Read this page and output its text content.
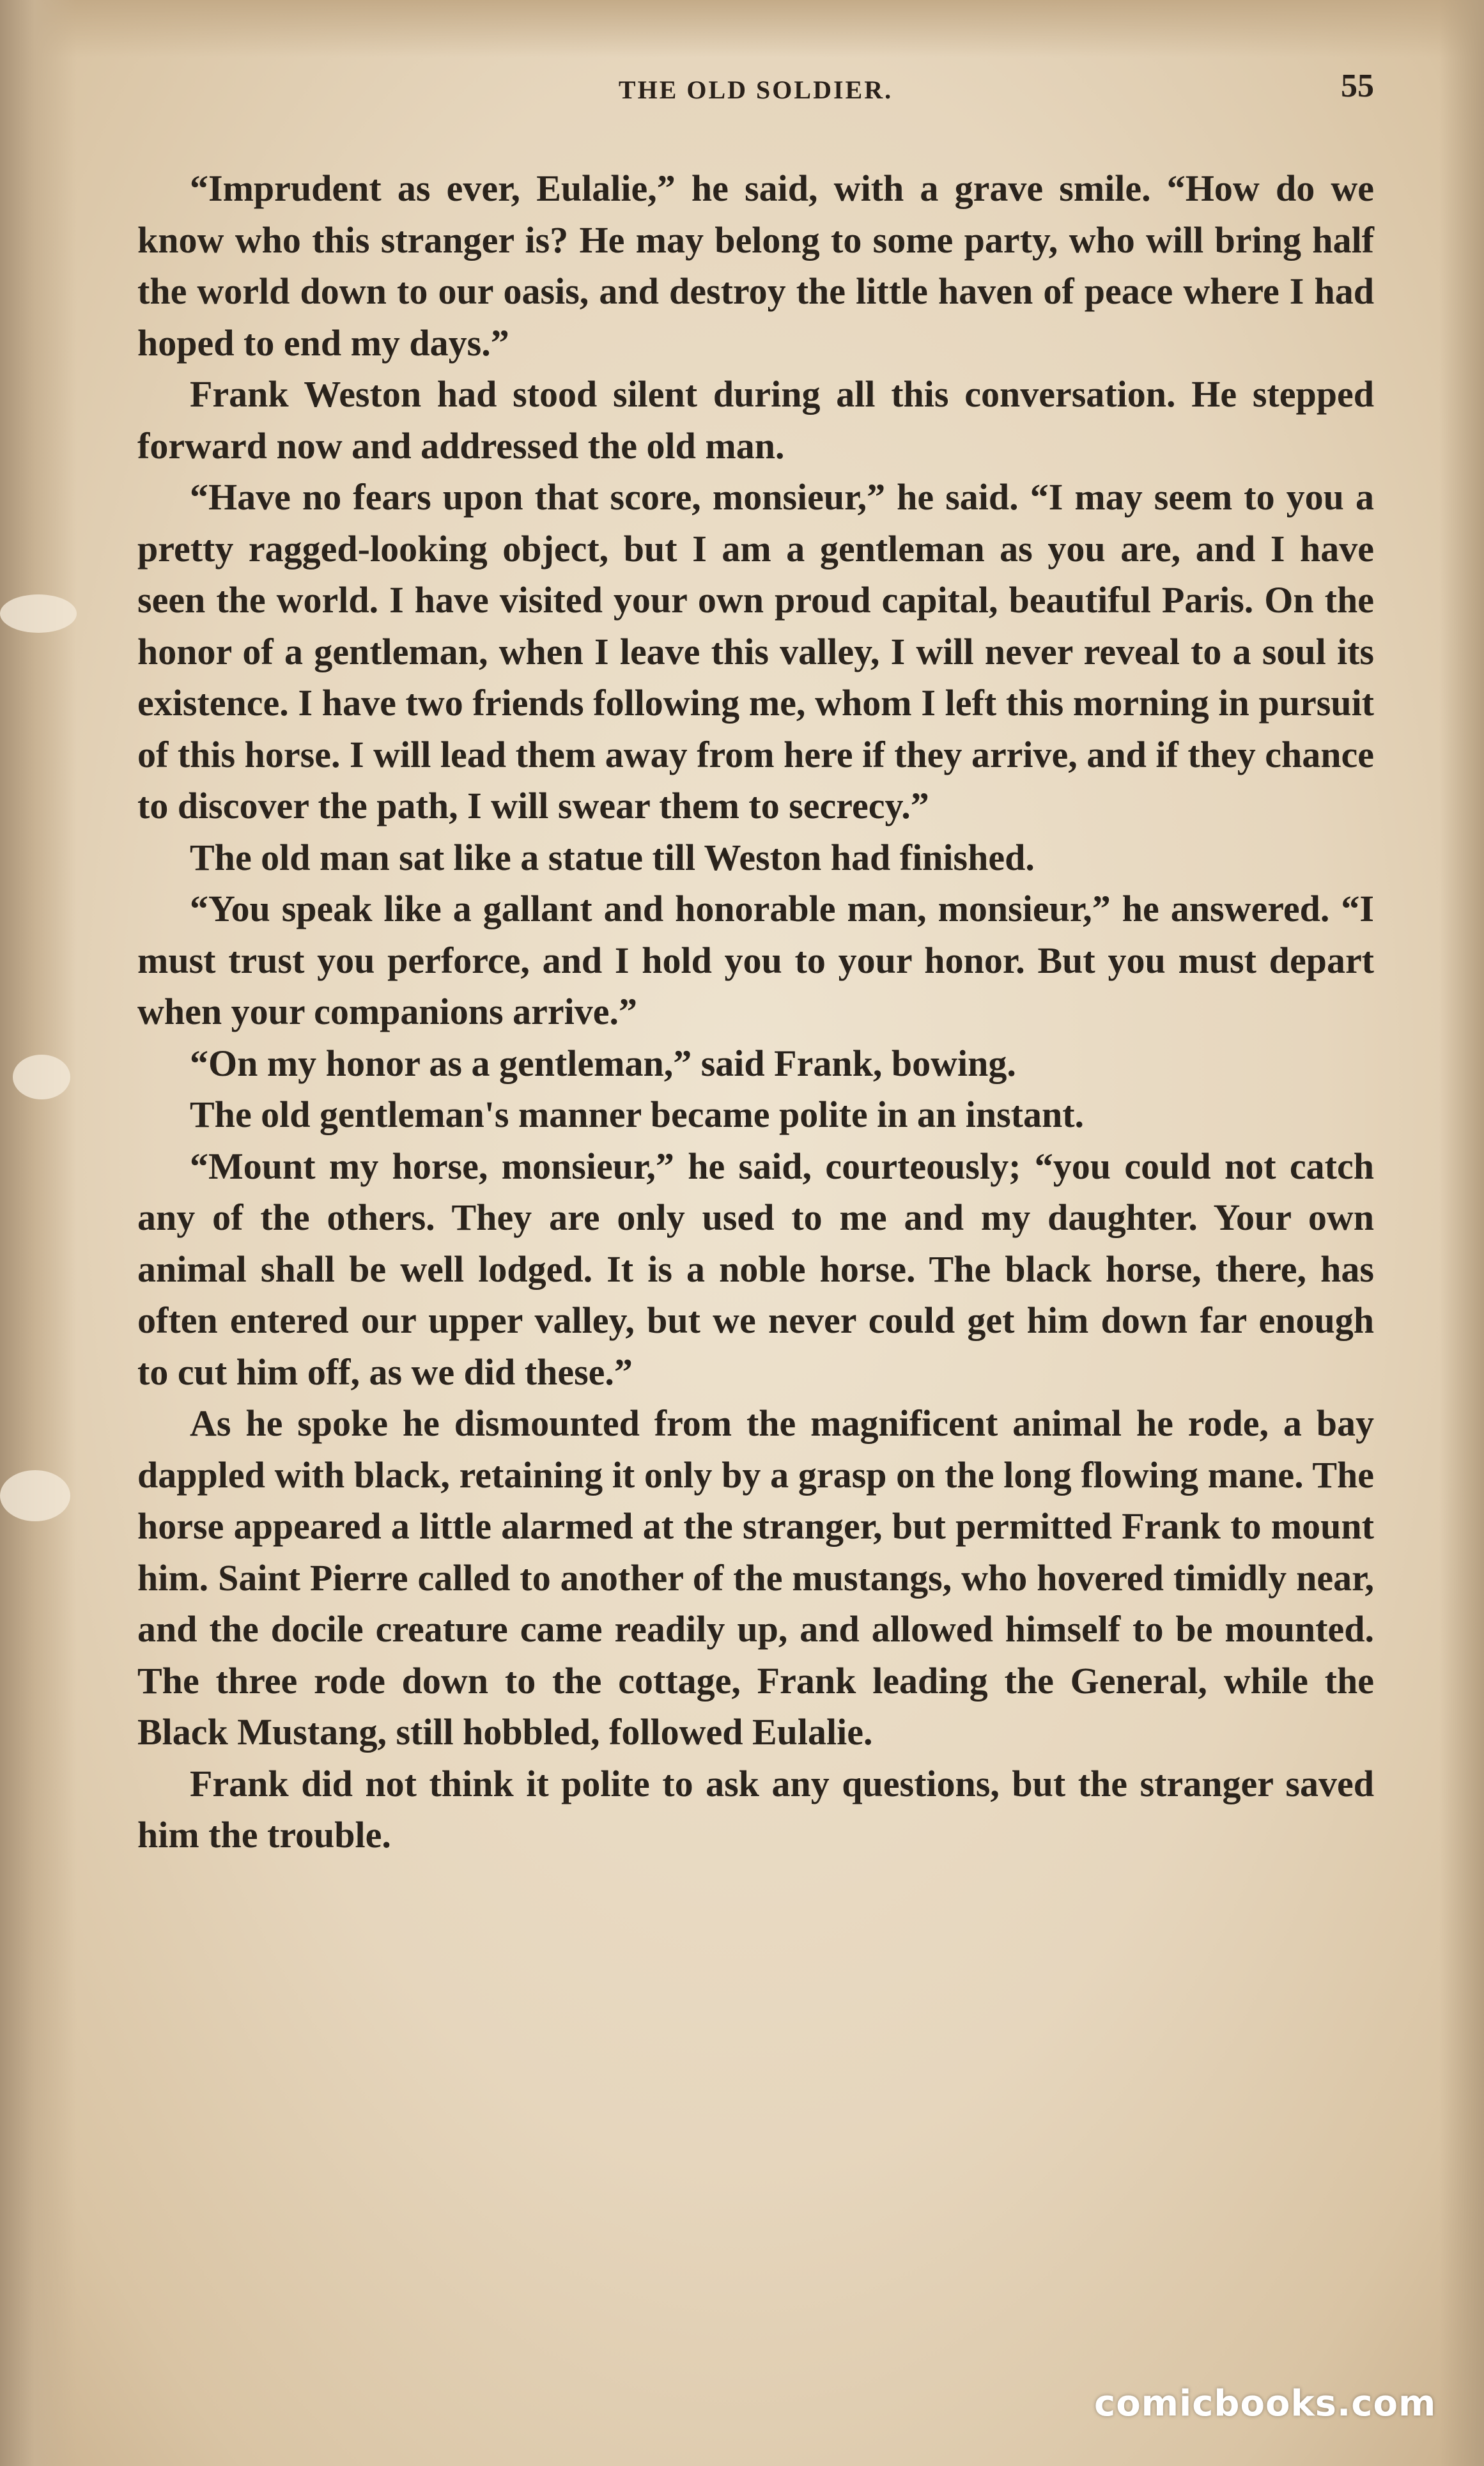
THE OLD SOLDIER.	55

“Imprudent as ever, Eulalie,” he said, with a grave smile. “How do we know who this stranger is? He may belong to some party, who will bring half the world down to our oasis, and destroy the little haven of peace where I had hoped to end my days.”

Frank Weston had stood silent during all this conversation. He stepped forward now and addressed the old man.

“Have no fears upon that score, monsieur,” he said. “I may seem to you a pretty ragged-looking object, but I am a gentleman as you are, and I have seen the world. I have visited your own proud capital, beautiful Paris. On the honor of a gentleman, when I leave this valley, I will never reveal to a soul its existence. I have two friends following me, whom I left this morning in pursuit of this horse. I will lead them away from here if they arrive, and if they chance to discover the path, I will swear them to secrecy.”

The old man sat like a statue till Weston had finished.

“You speak like a gallant and honorable man, monsieur,” he answered. “I must trust you perforce, and I hold you to your honor. But you must depart when your companions arrive.”

“On my honor as a gentleman,” said Frank, bowing.

The old gentleman's manner became polite in an instant.

“Mount my horse, monsieur,” he said, courteously; “you could not catch any of the others. They are only used to me and my daughter. Your own animal shall be well lodged. It is a noble horse. The black horse, there, has often entered our upper valley, but we never could get him down far enough to cut him off, as we did these.”

As he spoke he dismounted from the magnificent animal he rode, a bay dappled with black, retaining it only by a grasp on the long flowing mane. The horse appeared a little alarmed at the stranger, but permitted Frank to mount him. Saint Pierre called to another of the mustangs, who hovered timidly near, and the docile creature came readily up, and allowed himself to be mounted. The three rode down to the cottage, Frank leading the General, while the Black Mustang, still hobbled, followed Eulalie.

Frank did not think it polite to ask any questions, but the stranger saved him the trouble.

comicbooks.com
